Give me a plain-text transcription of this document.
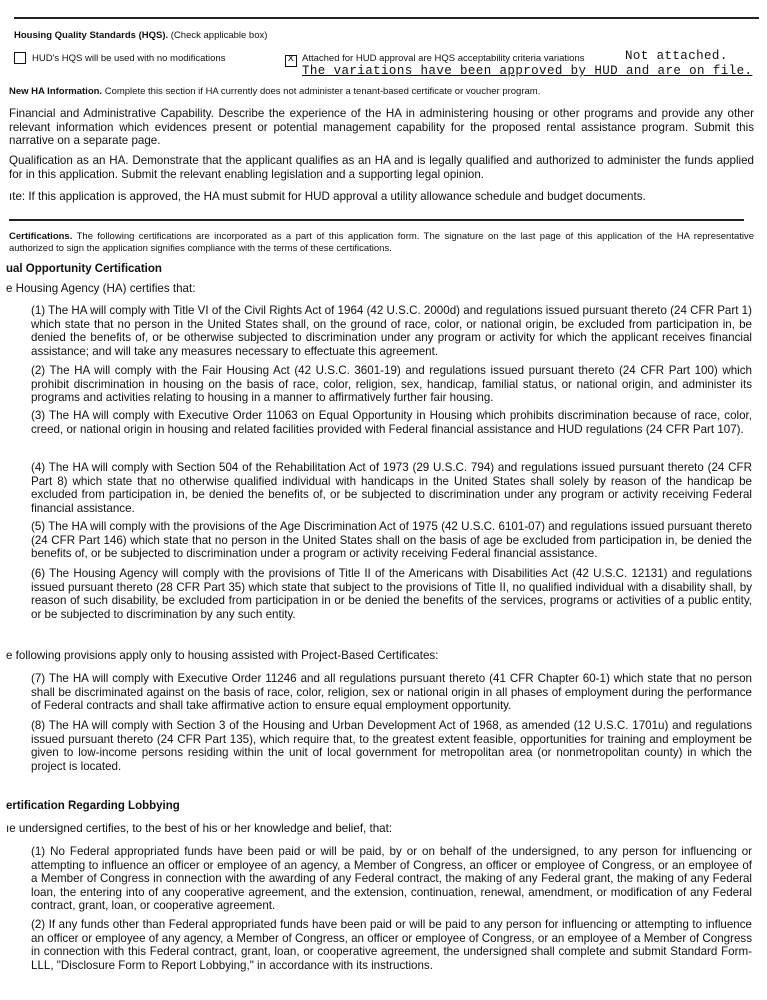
Housing Quality Standards (HQS). (Check applicable box)
HUD's HQS will be used with no modifications
x	Attached for HUD approval are HQS acceptability criteria variations	Not attached.
The variations have been approved by HUD and are on file.
New HA Information. Complete this section if HA currently does not administer a tenant-based certificate or voucher program.
Financial and Administrative Capability. Describe the experience of the HA in administering housing or other programs and provide any other relevant information which evidences present or potential management capability for the proposed rental assistance program. Submit this narrative on a separate page.
Qualification as an HA. Demonstrate that the applicant qualifies as an HA and is legally qualified and authorized to administer the funds applied for in this application. Submit the relevant enabling legislation and a supporting legal opinion.
ıte: If this application is approved, the HA must submit for HUD approval a utility allowance schedule and budget documents.
Certifications. The following certifications are incorporated as a part of this application form. The signature on the last page of this application of the HA representative authorized to sign the application signifies compliance with the terms of these certifications.
ual Opportunity Certification
e Housing Agency (HA) certifies that:
(1) The HA will comply with Title VI of the Civil Rights Act of 1964 (42 U.S.C. 2000d) and regulations issued pursuant thereto (24 CFR Part 1) which state that no person in the United States shall, on the ground of race, color, or national origin, be excluded from participation in, be denied the benefits of, or be otherwise subjected to discrimination under any program or activity for which the applicant receives financial assistance; and will take any measures necessary to effectuate this agreement.
(2) The HA will comply with the Fair Housing Act (42 U.S.C. 3601-19) and regulations issued pursuant thereto (24 CFR Part 100) which prohibit discrimination in housing on the basis of race, color, religion, sex, handicap, familial status, or national origin, and administer its programs and activities relating to housing in a manner to affirmatively further fair housing.
(3) The HA will comply with Executive Order 11063 on Equal Opportunity in Housing which prohibits discrimination because of race, color, creed, or national origin in housing and related facilities provided with Federal financial assistance and HUD regulations (24 CFR Part 107).
(4) The HA will comply with Section 504 of the Rehabilitation Act of 1973 (29 U.S.C. 794) and regulations issued pursuant thereto (24 CFR Part 8) which state that no otherwise qualified individual with handicaps in the United States shall solely by reason of the handicap be excluded from participation in, be denied the benefits of, or be subjected to discrimination under any program or activity receiving Federal financial assistance.
(5) The HA will comply with the provisions of the Age Discrimination Act of 1975 (42 U.S.C. 6101-07) and regulations issued pursuant thereto (24 CFR Part 146) which state that no person in the United States shall on the basis of age be excluded from participation in, be denied the benefits of, or be subjected to discrimination under a program or activity receiving Federal financial assistance.
(6) The Housing Agency will comply with the provisions of Title II of the Americans with Disabilities Act (42 U.S.C. 12131) and regulations issued pursuant thereto (28 CFR Part 35) which state that subject to the provisions of Title II, no qualified individual with a disability shall, by reason of such disability, be excluded from participation in or be denied the benefits of the services, programs or activities of a public entity, or be subjected to discrimination by any such entity.
e following provisions apply only to housing assisted with Project-Based Certificates:
(7) The HA will comply with Executive Order 11246 and all regulations pursuant thereto (41 CFR Chapter 60-1) which state that no person shall be discriminated against on the basis of race, color, religion, sex or national origin in all phases of employment during the performance of Federal contracts and shall take affirmative action to ensure equal employment opportunity.
(8) The HA will comply with Section 3 of the Housing and Urban Development Act of 1968, as amended (12 U.S.C. 1701u) and regulations issued pursuant thereto (24 CFR Part 135), which require that, to the greatest extent feasible, opportunities for training and employment be given to low-income persons residing within the unit of local government for metropolitan area (or nonmetropolitan county) in which the project is located.
ertification Regarding Lobbying
ıe undersigned certifies, to the best of his or her knowledge and belief, that:
(1) No Federal appropriated funds have been paid or will be paid, by or on behalf of the undersigned, to any person for influencing or attempting to influence an officer or employee of an agency, a Member of Congress, an officer or employee of Congress, or an employee of a Member of Congress in connection with the awarding of any Federal contract, the making of any Federal grant, the making of any Federal loan, the entering into of any cooperative agreement, and the extension, continuation, renewal, amendment, or modification of any Federal contract, grant, loan, or cooperative agreement.
(2) If any funds other than Federal appropriated funds have been paid or will be paid to any person for influencing or attempting to influence an officer or employee of any agency, a Member of Congress, an officer or employee of Congress, or an employee of a Member of Congress in connection with this Federal contract, grant, loan, or cooperative agreement, the undersigned shall complete and submit Standard Form-LLL, "Disclosure Form to Report Lobbying," in accordance with its instructions.
